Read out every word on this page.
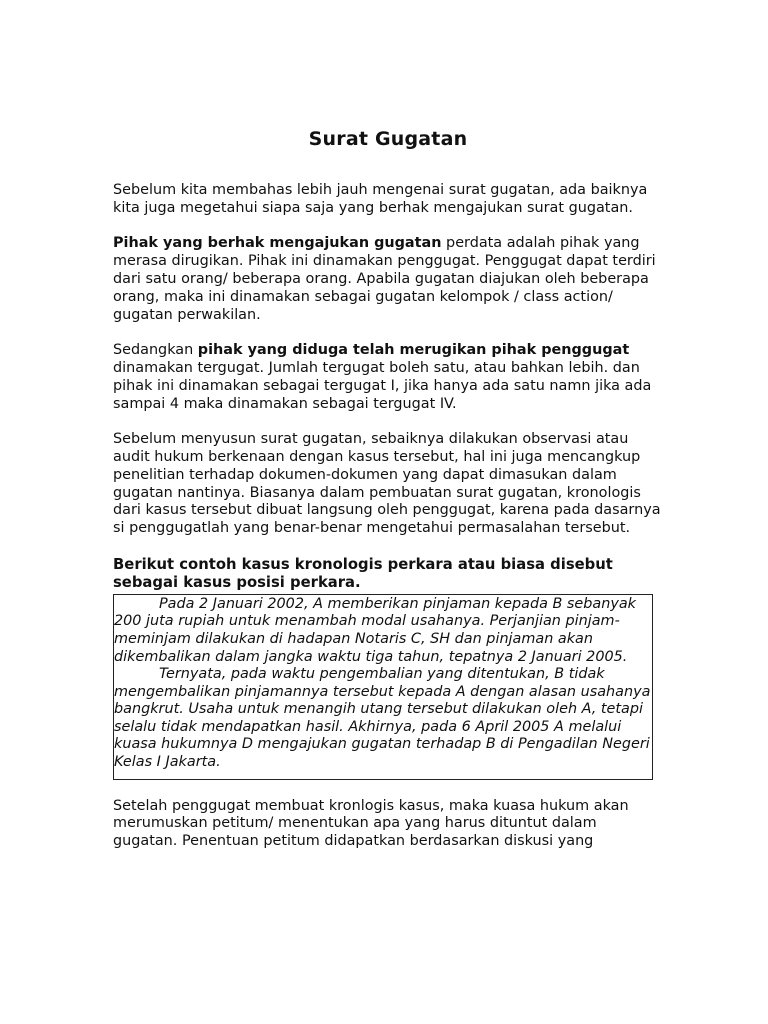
Surat Gugatan

Sebelum kita membahas lebih jauh mengenai surat gugatan, ada baiknya kita juga megetahui siapa saja yang berhak mengajukan surat gugatan.

Pihak yang berhak mengajukan gugatan perdata adalah pihak yang merasa dirugikan. Pihak ini dinamakan penggugat. Penggugat dapat terdiri dari satu orang/ beberapa orang. Apabila gugatan diajukan oleh beberapa orang, maka ini dinamakan sebagai gugatan kelompok / class action/ gugatan perwakilan.

Sedangkan pihak yang diduga telah merugikan pihak penggugat dinamakan tergugat. Jumlah tergugat boleh satu, atau bahkan lebih. dan pihak ini dinamakan sebagai tergugat I, jika hanya ada satu namn jika ada sampai 4 maka dinamakan sebagai tergugat IV.

Sebelum menyusun surat gugatan, sebaiknya dilakukan observasi atau audit hukum berkenaan dengan kasus tersebut, hal ini juga mencangkup penelitian terhadap dokumen-dokumen yang dapat dimasukan dalam gugatan nantinya. Biasanya dalam pembuatan surat gugatan, kronologis dari kasus tersebut dibuat langsung oleh penggugat, karena pada dasarnya si penggugatlah yang benar-benar mengetahui permasalahan tersebut.

Berikut contoh kasus kronologis perkara atau biasa disebut sebagai kasus posisi perkara.

Pada 2 Januari 2002, A memberikan pinjaman kepada B sebanyak 200 juta rupiah untuk menambah modal usahanya. Perjanjian pinjam-meminjam dilakukan di hadapan Notaris C, SH dan pinjaman akan dikembalikan dalam jangka waktu tiga tahun, tepatnya 2 Januari 2005.

Ternyata, pada waktu pengembalian yang ditentukan, B tidak mengembalikan pinjamannya tersebut kepada A dengan alasan usahanya bangkrut. Usaha untuk menangih utang tersebut dilakukan oleh A, tetapi selalu tidak mendapatkan hasil. Akhirnya, pada 6 April 2005 A melalui kuasa hukumnya D mengajukan gugatan terhadap B di Pengadilan Negeri Kelas I Jakarta.

Setelah penggugat membuat kronlogis kasus, maka kuasa hukum akan merumuskan petitum/ menentukan apa yang harus dituntut dalam gugatan. Penentuan petitum didapatkan berdasarkan diskusi yang
